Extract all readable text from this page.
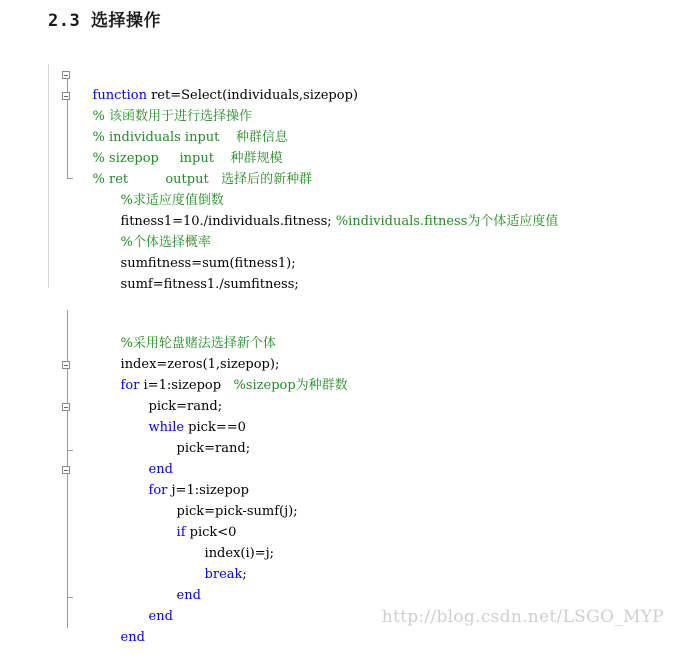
2.3 选择操作

function ret=Select(individuals,sizepop)

% 该函数用于进行选择操作

% individuals input    种群信息

% sizepop     input    种群规模

% ret         output   选择后的新种群

%求适应度值倒数

fitness1=10./individuals.fitness; %individuals.fitness为个体适应度值

%个体选择概率

sumfitness=sum(fitness1);

sumf=fitness1./sumfitness;

%采用轮盘赌法选择新个体

index=zeros(1,sizepop);

for i=1:sizepop   %sizepop为种群数

pick=rand;

while pick==0

pick=rand;

end

for j=1:sizepop

pick=pick-sumf(j);

if pick<0

index(i)=j;

break;

end

end

end

http://blog.csdn.net/LSGO_MYP
